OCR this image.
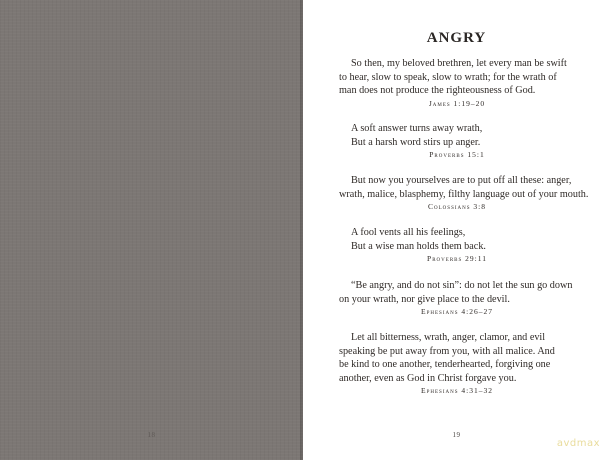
18
ANGRY
So then, my beloved brethren, let every man be swift
to hear, slow to speak, slow to wrath; for the wrath of
man does not produce the righteousness of God.
James 1:19–20
A soft answer turns away wrath,
But a harsh word stirs up anger.
Proverbs 15:1
But now you yourselves are to put off all these: anger,
wrath, malice, blasphemy, filthy language out of your mouth.
Colossians 3:8
A fool vents all his feelings,
But a wise man holds them back.
Proverbs 29:11
“Be angry, and do not sin”: do not let the sun go down
on your wrath, nor give place to the devil.
Ephesians 4:26–27
Let all bitterness, wrath, anger, clamor, and evil
speaking be put away from you, with all malice. And
be kind to one another, tenderhearted, forgiving one
another, even as God in Christ forgave you.
Ephesians 4:31–32
19
avdmax
